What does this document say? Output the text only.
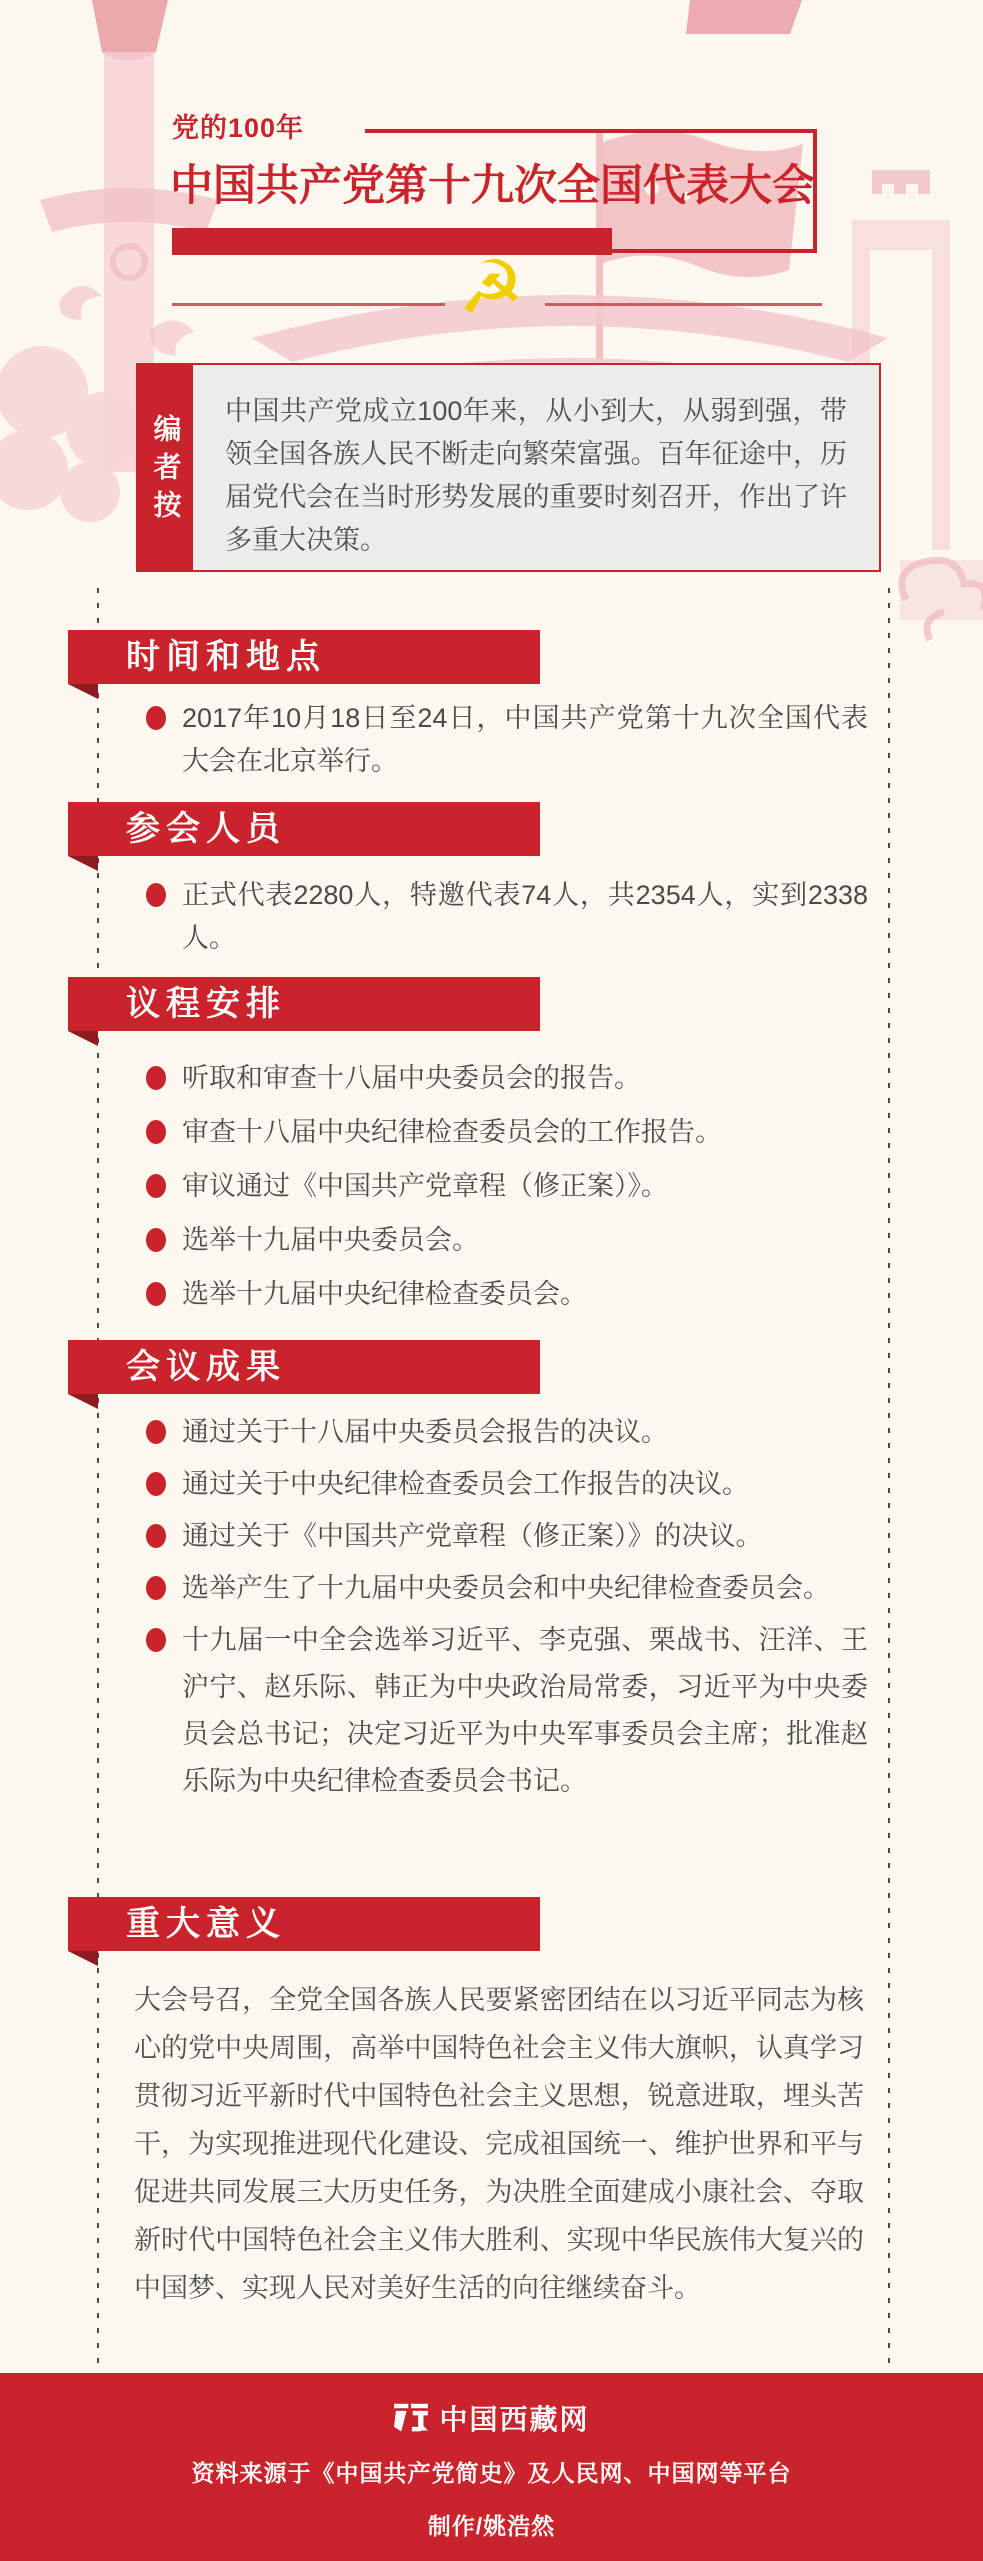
党的100年
中国共产党第十九次全国代表大会
☭
编者按
中国共产党成立100年来，从小到大，从弱到强，带领全国各族人民不断走向繁荣富强。百年征途中，历届党代会在当时形势发展的重要时刻召开，作出了许多重大决策。
时间和地点

2017年10月18日至24日，中国共产党第十九次全国代表大会在北京举行。

参会人员

正式代表2280人，特邀代表74人，共2354人，实到2338人。

议程安排

听取和审查十八届中央委员会的报告。

审查十八届中央纪律检查委员会的工作报告。

审议通过《中国共产党章程（修正案）》。

选举十九届中央委员会。

选举十九届中央纪律检查委员会。

会议成果

通过关于十八届中央委员会报告的决议。

通过关于中央纪律检查委员会工作报告的决议。

通过关于《中国共产党章程（修正案）》的决议。

选举产生了十九届中央委员会和中央纪律检查委员会。

十九届一中全会选举习近平、李克强、栗战书、汪洋、王沪宁、赵乐际、韩正为中央政治局常委，习近平为中央委员会总书记；决定习近平为中央军事委员会主席；批准赵乐际为中央纪律检查委员会书记。

重大意义

大会号召，全党全国各族人民要紧密团结在以习近平同志为核心的党中央周围，高举中国特色社会主义伟大旗帜，认真学习贯彻习近平新时代中国特色社会主义思想，锐意进取，埋头苦干，为实现推进现代化建设、完成祖国统一、维护世界和平与促进共同发展三大历史任务，为决胜全面建成小康社会、夺取新时代中国特色社会主义伟大胜利、实现中华民族伟大复兴的中国梦、实现人民对美好生活的向往继续奋斗。

中国西藏网
资料来源于《中国共产党简史》及人民网、中国网等平台
制作/姚浩然
